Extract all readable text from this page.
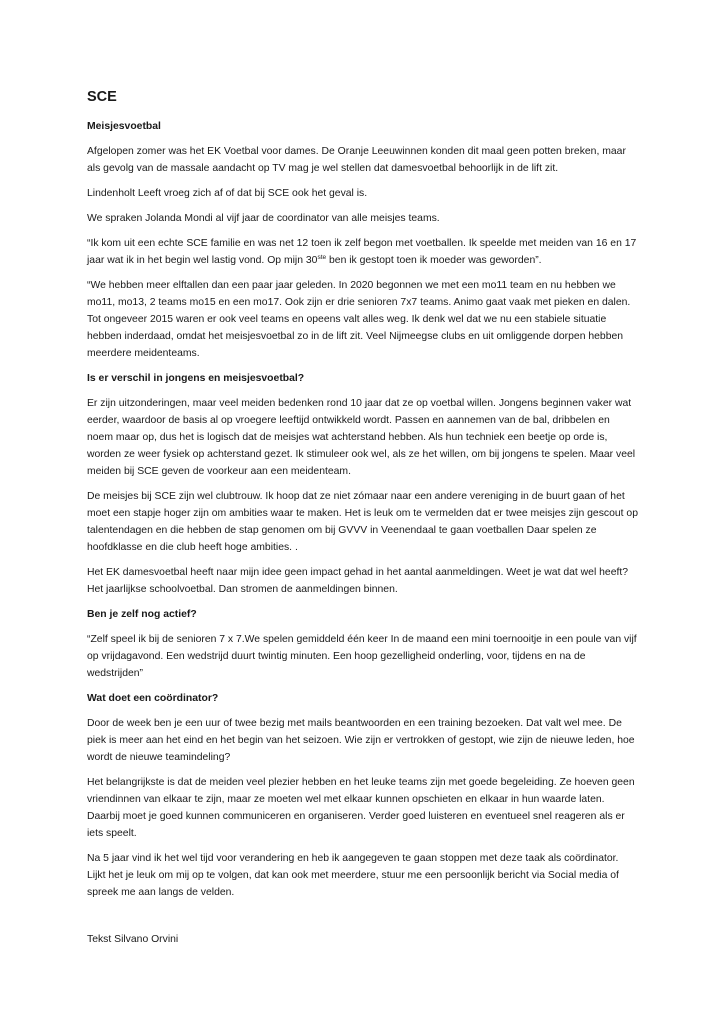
SCE
Meisjesvoetbal

Afgelopen zomer was het EK Voetbal voor dames. De Oranje Leeuwinnen konden dit maal geen potten breken, maar als gevolg van de massale aandacht op TV mag je wel stellen dat damesvoetbal behoorlijk in de lift zit.

Lindenholt Leeft vroeg zich af of dat bij SCE ook het geval is.

We spraken Jolanda Mondi al vijf jaar de coordinator van alle meisjes teams.

“Ik kom uit een echte SCE familie en was net 12 toen ik zelf begon met voetballen. Ik speelde met meiden van 16 en 17 jaar wat ik in het begin wel lastig vond. Op mijn 30ste ben ik gestopt toen ik moeder was geworden”.

“We hebben meer elftallen dan een paar jaar geleden. In 2020 begonnen we met een mo11 team en nu hebben we mo11, mo13, 2 teams mo15 en een mo17. Ook zijn er drie senioren 7x7 teams. Animo gaat vaak met pieken en dalen. Tot ongeveer 2015 waren er ook veel teams en opeens valt alles weg. Ik denk wel dat we nu een stabiele situatie hebben inderdaad, omdat het meisjesvoetbal zo in de lift zit. Veel Nijmeegse clubs en uit omliggende dorpen hebben meerdere meidenteams.

Is er verschil in jongens en meisjesvoetbal?

Er zijn uitzonderingen, maar veel meiden bedenken rond 10 jaar dat ze op voetbal willen. Jongens beginnen vaker wat eerder, waardoor de basis al op vroegere leeftijd ontwikkeld wordt. Passen en aannemen van de bal, dribbelen en noem maar op, dus het is logisch dat de meisjes wat achterstand hebben. Als hun techniek een beetje op orde is, worden ze weer fysiek op achterstand gezet. Ik stimuleer ook wel, als ze het willen, om bij jongens te spelen. Maar veel meiden bij SCE geven de voorkeur aan een meidenteam.

De meisjes bij SCE zijn wel clubtrouw. Ik hoop dat ze niet zómaar naar een andere vereniging in de buurt gaan of het moet een stapje hoger zijn om ambities waar te maken. Het is leuk om te vermelden dat er twee meisjes zijn gescout op talentendagen en die hebben de stap genomen om bij GVVV in Veenendaal te gaan voetballen Daar spelen ze hoofdklasse en die club heeft hoge ambities. .

Het EK damesvoetbal heeft naar mijn idee geen impact gehad in het aantal aanmeldingen. Weet je wat dat wel heeft? Het jaarlijkse schoolvoetbal. Dan stromen de aanmeldingen binnen.

Ben je zelf nog actief?

“Zelf speel ik bij de senioren 7 x 7.We spelen gemiddeld één keer In de maand een mini toernooitje in een poule van vijf op vrijdagavond. Een wedstrijd duurt twintig minuten. Een hoop gezelligheid onderling, voor, tijdens en na de wedstrijden”

Wat doet een coördinator?

Door de week ben je een uur of twee bezig met mails beantwoorden en een training bezoeken. Dat valt wel mee. De piek is meer aan het eind en het begin van het seizoen. Wie zijn er vertrokken of gestopt, wie zijn de nieuwe leden, hoe wordt de nieuwe teamindeling?

Het belangrijkste is dat de meiden veel plezier hebben en het leuke teams zijn met goede begeleiding. Ze hoeven geen vriendinnen van elkaar te zijn, maar ze moeten wel met elkaar kunnen opschieten en elkaar in hun waarde laten. Daarbij moet je goed kunnen communiceren en organiseren. Verder goed luisteren en eventueel snel reageren als er iets speelt.

Na 5 jaar vind ik het wel tijd voor verandering en heb ik aangegeven te gaan stoppen met deze taak als coördinator. Lijkt het je leuk om mij op te volgen, dat kan ook met meerdere, stuur me een persoonlijk bericht via Social media of spreek me aan langs de velden.

Tekst Silvano Orvini
